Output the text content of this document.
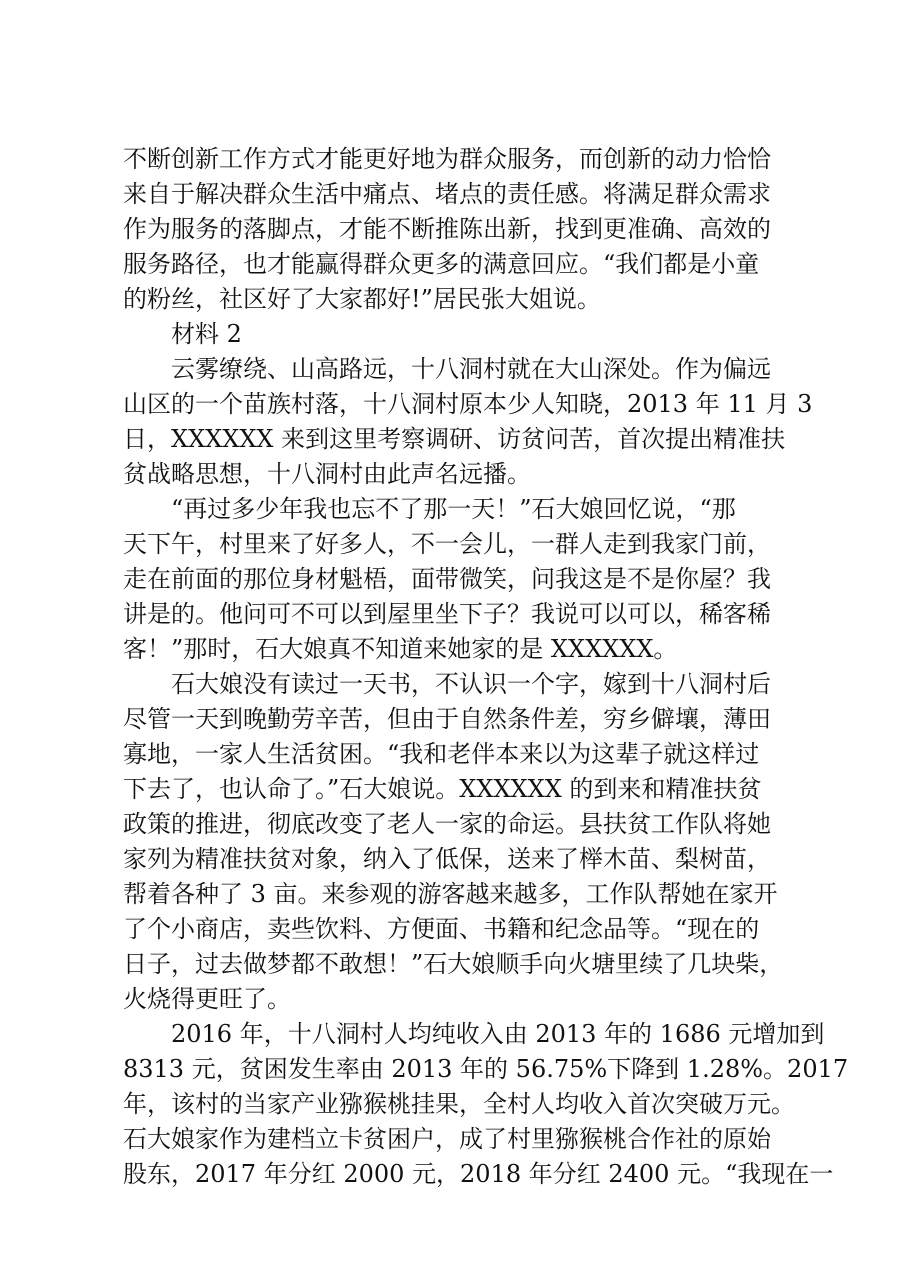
不断创新工作方式才能更好地为群众服务，而创新的动力恰恰
来自于解决群众生活中痛点、堵点的责任感。将满足群众需求
作为服务的落脚点，才能不断推陈出新，找到更准确、高效的
服务路径，也才能赢得群众更多的满意回应。“我们都是小童
的粉丝，社区好了大家都好!”居民张大姐说。
材料 2
云雾缭绕、山高路远，十八洞村就在大山深处。作为偏远
山区的一个苗族村落，十八洞村原本少人知晓，2013 年 11 月 3
日，XXXXXX 来到这里考察调研、访贫问苦，首次提出精准扶
贫战略思想，十八洞村由此声名远播。
“再过多少年我也忘不了那一天！”石大娘回忆说，“那
天下午，村里来了好多人，不一会儿，一群人走到我家门前，
走在前面的那位身材魁梧，面带微笑，问我这是不是你屋？我
讲是的。他问可不可以到屋里坐下子？我说可以可以，稀客稀
客！”那时，石大娘真不知道来她家的是 XXXXXX。
石大娘没有读过一天书，不认识一个字，嫁到十八洞村后
尽管一天到晚勤劳辛苦，但由于自然条件差，穷乡僻壤，薄田
寡地，一家人生活贫困。“我和老伴本来以为这辈子就这样过
下去了，也认命了。”石大娘说。XXXXXX 的到来和精准扶贫
政策的推进，彻底改变了老人一家的命运。县扶贫工作队将她
家列为精准扶贫对象，纳入了低保，送来了榉木苗、梨树苗，
帮着各种了 3 亩。来参观的游客越来越多，工作队帮她在家开
了个小商店，卖些饮料、方便面、书籍和纪念品等。“现在的
日子，过去做梦都不敢想！”石大娘顺手向火塘里续了几块柴，
火烧得更旺了。
2016 年，十八洞村人均纯收入由 2013 年的 1686 元增加到
8313 元，贫困发生率由 2013 年的 56.75%下降到 1.28%。2017
年，该村的当家产业猕猴桃挂果，全村人均收入首次突破万元。
石大娘家作为建档立卡贫困户，成了村里猕猴桃合作社的原始
股东，2017 年分红 2000 元，2018 年分红 2400 元。“我现在一
